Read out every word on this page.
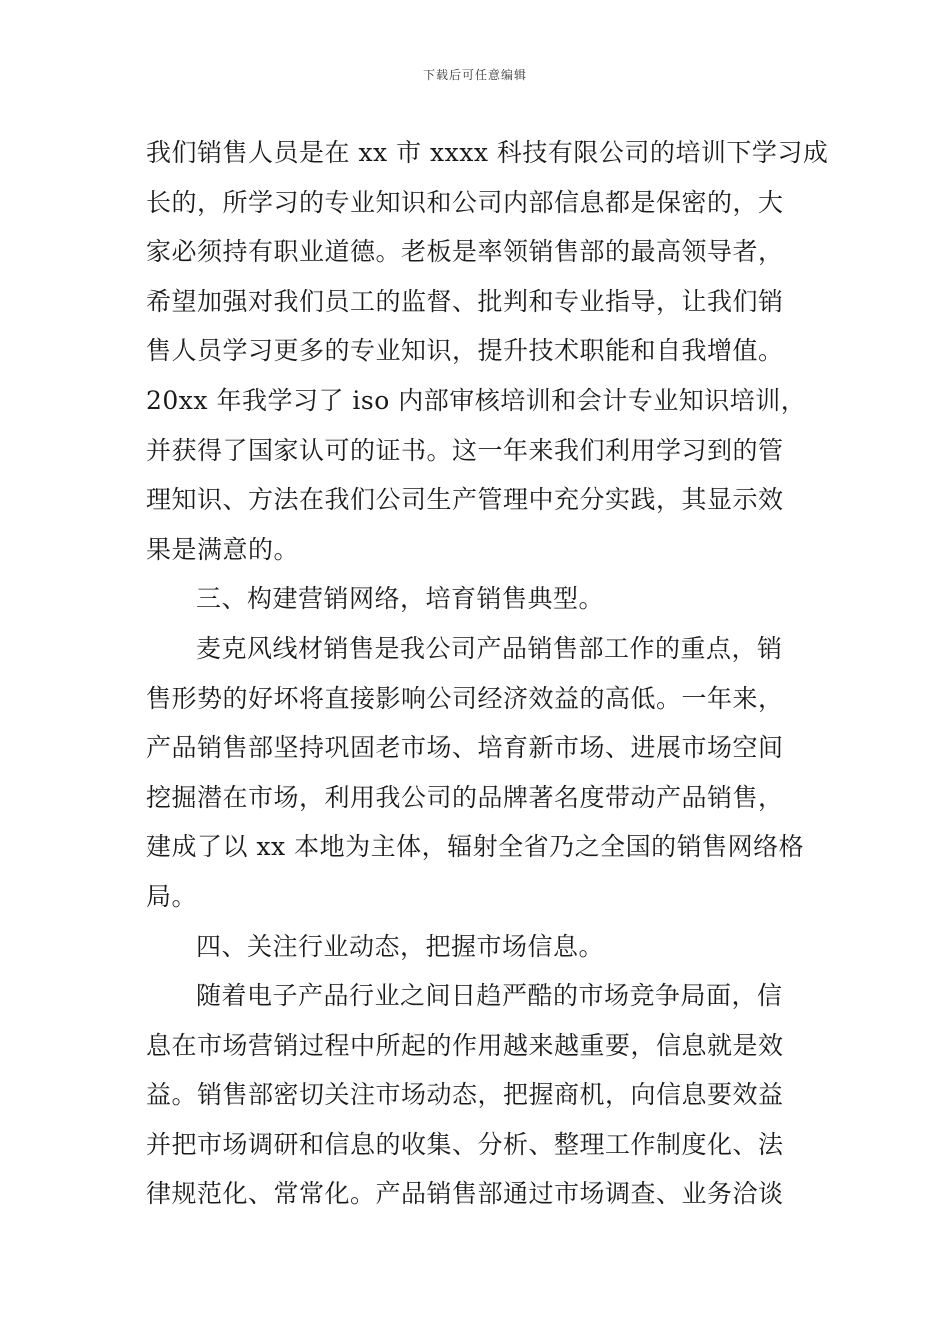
下载后可任意编辑
我们销售人员是在 xx 市 xxxx 科技有限公司的培训下学习成
长的，所学习的专业知识和公司内部信息都是保密的，大
家必须持有职业道德。老板是率领销售部的最高领导者，
希望加强对我们员工的监督、批判和专业指导，让我们销
售人员学习更多的专业知识，提升技术职能和自我增值。
20xx 年我学习了 iso 内部审核培训和会计专业知识培训，
并获得了国家认可的证书。这一年来我们利用学习到的管
理知识、方法在我们公司生产管理中充分实践，其显示效
果是满意的。
三、构建营销网络，培育销售典型。
麦克风线材销售是我公司产品销售部工作的重点，销
售形势的好坏将直接影响公司经济效益的高低。一年来，
产品销售部坚持巩固老市场、培育新市场、进展市场空间
挖掘潜在市场，利用我公司的品牌著名度带动产品销售，
建成了以 xx 本地为主体，辐射全省乃之全国的销售网络格
局。
四、关注行业动态，把握市场信息。
随着电子产品行业之间日趋严酷的市场竞争局面，信
息在市场营销过程中所起的作用越来越重要，信息就是效
益。销售部密切关注市场动态，把握商机，向信息要效益
并把市场调研和信息的收集、分析、整理工作制度化、法
律规范化、常常化。产品销售部通过市场调查、业务洽谈
